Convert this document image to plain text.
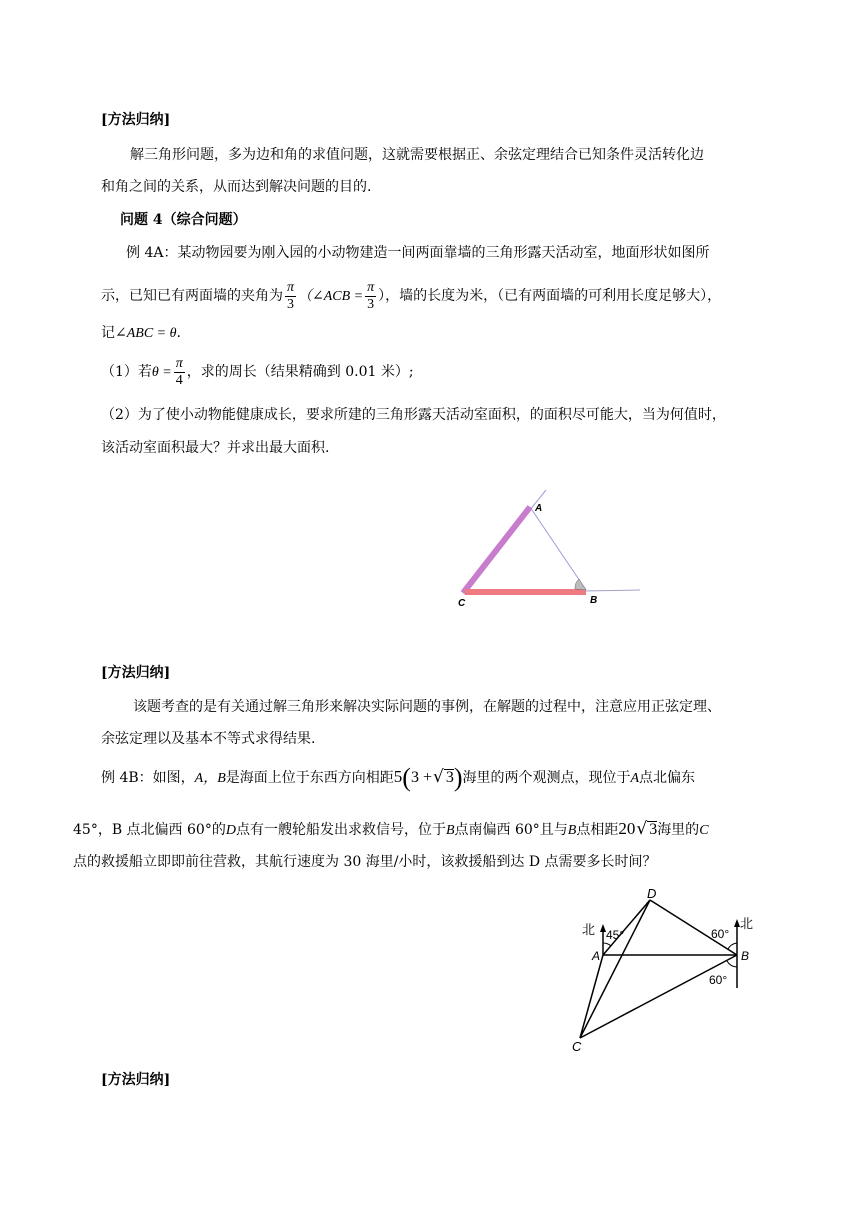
[方法归纳]
解三角形问题，多为边和角的求值问题，这就需要根据正、余弦定理结合已知条件灵活转化边
和角之间的关系，从而达到解决问题的目的.
问题 4（综合问题）
例 4A：某动物园要为刚入园的小动物建造一间两面靠墙的三角形露天活动室，地面形状如图所
示，已知已有两面墙的夹角为 $\frac{\pi}{3}$ （∠ACB = $\frac{\pi}{3}$ ），墙的长度为米，（已有两面墙的可利用长度足够大），
记∠ABC = θ.
（1）若$\theta = \frac{\pi}{4}$ ，求的周长（结果精确到 0.01 米）;
（2）为了使小动物能健康成长，要求所建的三角形露天活动室面积，的面积尽可能大，当为何值时，
该活动室面积最大？并求出最大面积.
A
B
C
[方法归纳]
该题考查的是有关通过解三角形来解决实际问题的事例，在解题的过程中，注意应用正弦定理、
余弦定理以及基本不等式求得结果.
例 4B：如图，A，B是海面上位于东西方向相距5(3 +√ 3)海里的两个观测点，现位于A点北偏东
45°，B 点北偏西 60°的D点有一艘轮船发出求救信号，位于B点南偏西 60°且与B点相距20√ 3海里的C
点的救援船立即即前往营救，其航行速度为 30 海里/小时，该救援船到达 D 点需要多长时间？
北	北
45°	60°
60°
A	B
C
D
[方法归纳]
